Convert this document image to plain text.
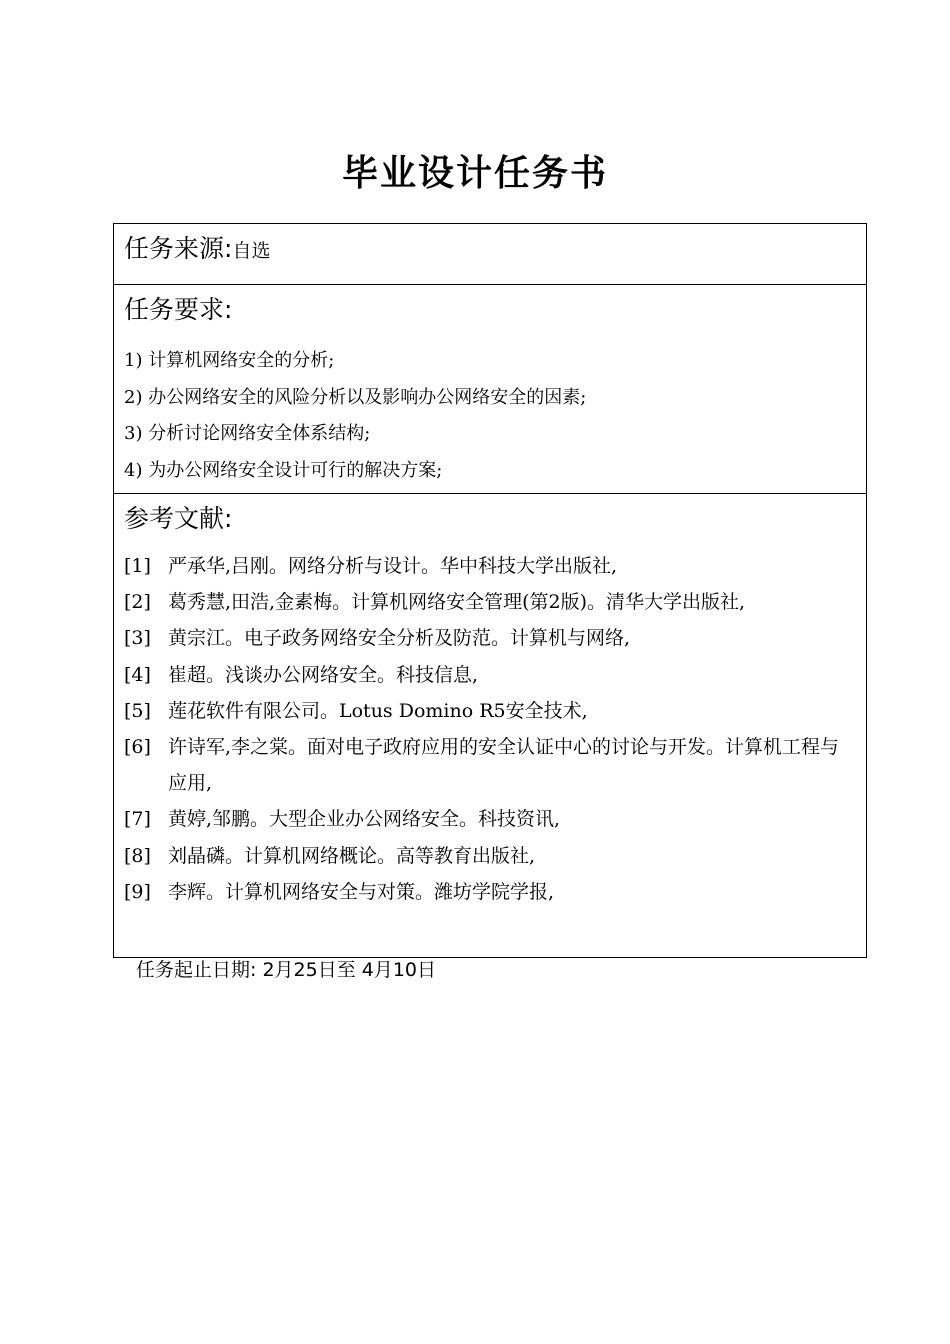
毕业设计任务书
任务来源:自选
任务要求:
1) 计算机网络安全的分析;
2) 办公网络安全的风险分析以及影响办公网络安全的因素;
3) 分析讨论网络安全体系结构;
4) 为办公网络安全设计可行的解决方案;
参考文献:
[1] 严承华,吕刚。网络分析与设计。华中科技大学出版社,
[2] 葛秀慧,田浩,金素梅。计算机网络安全管理(第2版)。清华大学出版社,
[3] 黄宗江。电子政务网络安全分析及防范。计算机与网络,
[4] 崔超。浅谈办公网络安全。科技信息,
[5] 莲花软件有限公司。Lotus Domino R5安全技术,
[6] 许诗军,李之棠。面对电子政府应用的安全认证中心的讨论与开发。计算机工程与应用,
[7] 黄婷,邹鹏。大型企业办公网络安全。科技资讯,
[8] 刘晶磷。计算机网络概论。高等教育出版社,
[9] 李辉。计算机网络安全与对策。潍坊学院学报,
任务起止日期: 2月25日至 4月10日
